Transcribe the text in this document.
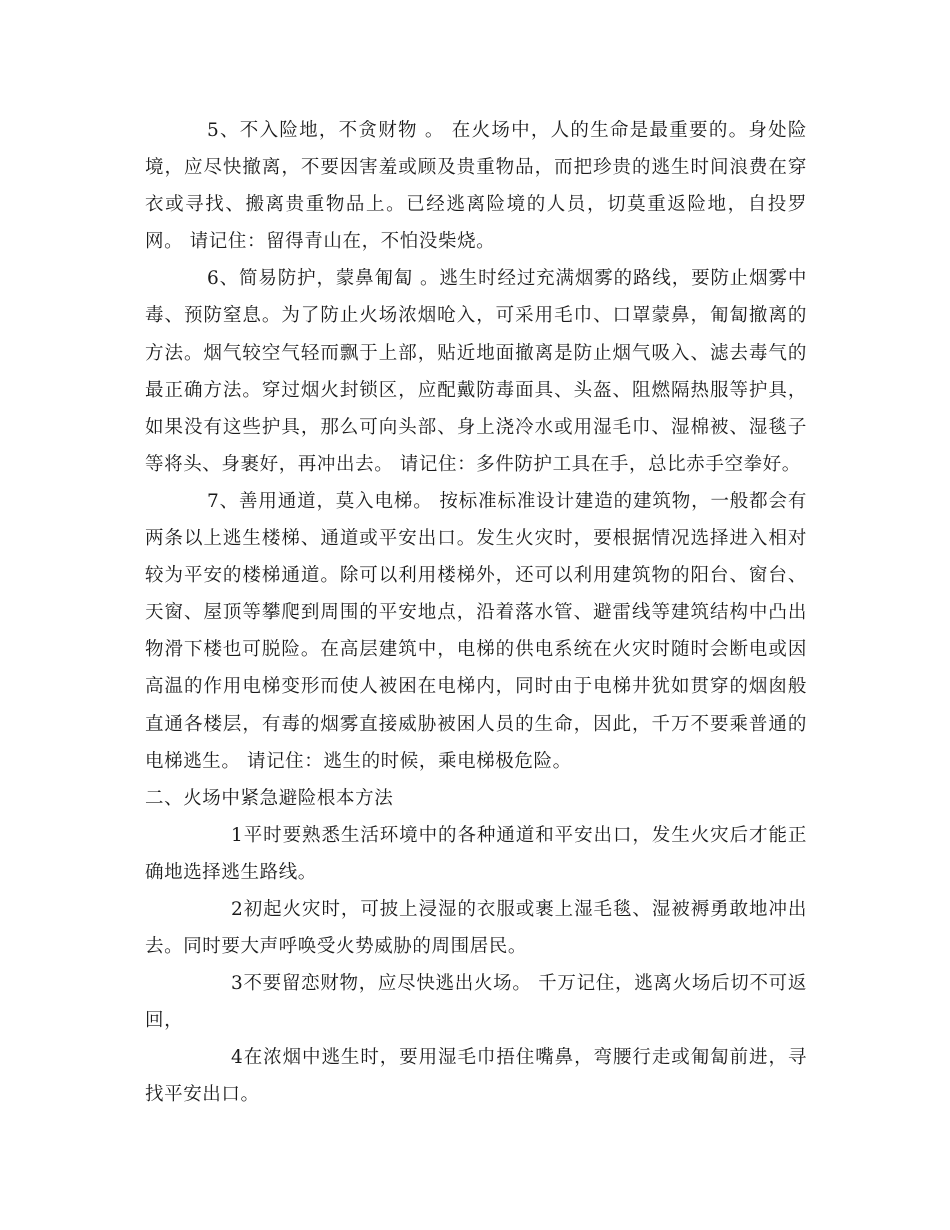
5、不入险地，不贪财物 。 在火场中，人的生命是最重要的。身处险境，应尽快撤离，不要因害羞或顾及贵重物品，而把珍贵的逃生时间浪费在穿衣或寻找、搬离贵重物品上。已经逃离险境的人员，切莫重返险地，自投罗网。 请记住：留得青山在，不怕没柴烧。

6、简易防护，蒙鼻匍匐 。逃生时经过充满烟雾的路线，要防止烟雾中毒、预防窒息。为了防止火场浓烟呛入，可采用毛巾、口罩蒙鼻，匍匐撤离的方法。烟气较空气轻而飘于上部，贴近地面撤离是防止烟气吸入、滤去毒气的最正确方法。穿过烟火封锁区，应配戴防毒面具、头盔、阻燃隔热服等护具，如果没有这些护具，那么可向头部、身上浇冷水或用湿毛巾、湿棉被、湿毯子等将头、身裹好，再冲出去。 请记住：多件防护工具在手，总比赤手空拳好。

7、善用通道，莫入电梯。 按标准标准设计建造的建筑物，一般都会有两条以上逃生楼梯、通道或平安出口。发生火灾时，要根据情况选择进入相对较为平安的楼梯通道。除可以利用楼梯外，还可以利用建筑物的阳台、窗台、天窗、屋顶等攀爬到周围的平安地点，沿着落水管、避雷线等建筑结构中凸出物滑下楼也可脱险。在高层建筑中，电梯的供电系统在火灾时随时会断电或因高温的作用电梯变形而使人被困在电梯内，同时由于电梯井犹如贯穿的烟囱般直通各楼层，有毒的烟雾直接威胁被困人员的生命，因此，千万不要乘普通的电梯逃生。 请记住：逃生的时候，乘电梯极危险。

二、火场中紧急避险根本方法

1平时要熟悉生活环境中的各种通道和平安出口，发生火灾后才能正确地选择逃生路线。

2初起火灾时，可披上浸湿的衣服或裹上湿毛毯、湿被褥勇敢地冲出去。同时要大声呼唤受火势威胁的周围居民。

3不要留恋财物，应尽快逃出火场。 千万记住，逃离火场后切不可返回，

4在浓烟中逃生时，要用湿毛巾捂住嘴鼻，弯腰行走或匍匐前进，寻找平安出口。
